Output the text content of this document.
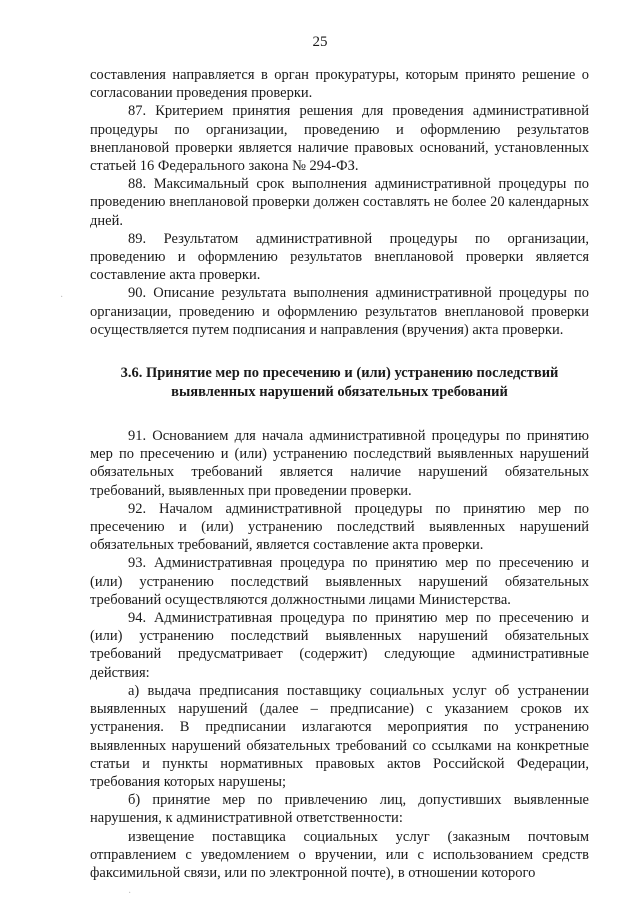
25

составления направляется в орган прокуратуры, которым принято решение о согласовании проведения проверки.

87. Критерием принятия решения для проведения административной процедуры по организации, проведению и оформлению результатов внеплановой проверки является наличие правовых оснований, установленных статьей 16 Федерального закона № 294-ФЗ.

88. Максимальный срок выполнения административной процедуры по проведению внеплановой проверки должен составлять не более 20 календарных дней.

89. Результатом административной процедуры по организации, проведению и оформлению результатов внеплановой проверки является составление акта проверки.

90. Описание результата выполнения административной процедуры по организации, проведению и оформлению результатов внеплановой проверки осуществляется путем подписания и направления (вручения) акта проверки.

3.6. Принятие мер по пресечению и (или) устранению последствий выявленных нарушений обязательных требований

91. Основанием для начала административной процедуры по принятию мер по пресечению и (или) устранению последствий выявленных нарушений обязательных требований является наличие нарушений обязательных требований, выявленных при проведении проверки.

92. Началом административной процедуры по принятию мер по пресечению и (или) устранению последствий выявленных нарушений обязательных требований, является составление акта проверки.

93. Административная процедура по принятию мер по пресечению и (или) устранению последствий выявленных нарушений обязательных требований осуществляются должностными лицами Министерства.

94. Административная процедура по принятию мер по пресечению и (или) устранению последствий выявленных нарушений обязательных требований предусматривает (содержит) следующие административные действия:

а) выдача предписания поставщику социальных услуг об устранении выявленных нарушений (далее – предписание) с указанием сроков их устранения. В предписании излагаются мероприятия по устранению выявленных нарушений обязательных требований со ссылками на конкретные статьи и пункты нормативных правовых актов Российской Федерации, требования которых нарушены;

б) принятие мер по привлечению лиц, допустивших выявленные нарушения, к административной ответственности:

извещение поставщика социальных услуг (заказным почтовым отправлением с уведомлением о вручении, или с использованием средств факсимильной связи, или по электронной почте), в отношении которого

·
·
